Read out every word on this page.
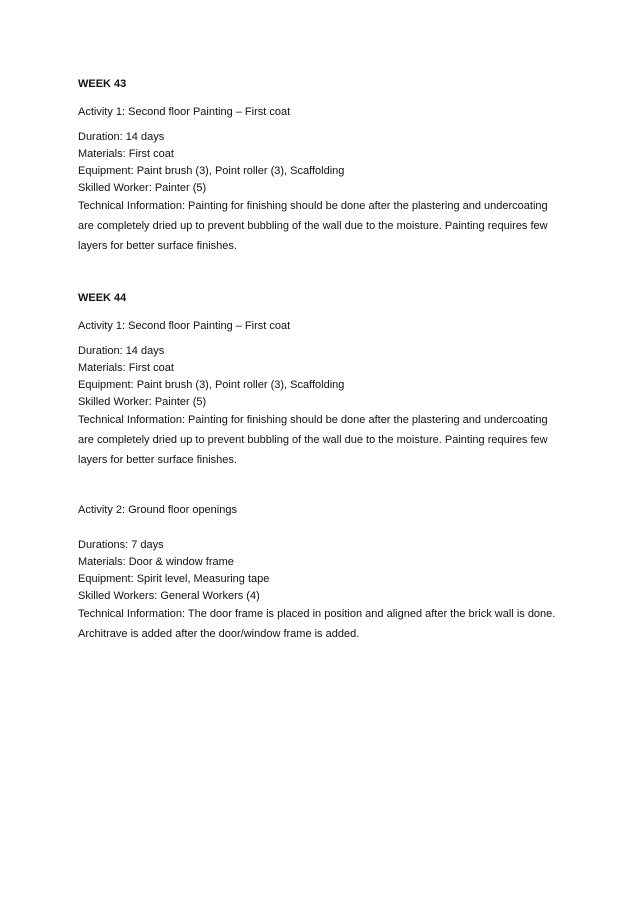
WEEK 43
Activity 1: Second floor Painting – First coat

Duration: 14 days

Materials: First coat

Equipment: Paint brush (3), Point roller (3), Scaffolding

Skilled Worker: Painter (5)

Technical Information: Painting for finishing should be done after the plastering and undercoating are completely dried up to prevent bubbling of the wall due to the moisture. Painting requires few layers for better surface finishes.

WEEK 44
Activity 1: Second floor Painting – First coat

Duration: 14 days

Materials: First coat

Equipment: Paint brush (3), Point roller (3), Scaffolding

Skilled Worker: Painter (5)

Technical Information: Painting for finishing should be done after the plastering and undercoating are completely dried up to prevent bubbling of the wall due to the moisture. Painting requires few layers for better surface finishes.

Activity 2: Ground floor openings

Durations: 7 days

Materials: Door & window frame

Equipment: Spirit level, Measuring tape

Skilled Workers: General Workers (4)

Technical Information: The door frame is placed in position and aligned after the brick wall is done. Architrave is added after the door/window frame is added.
